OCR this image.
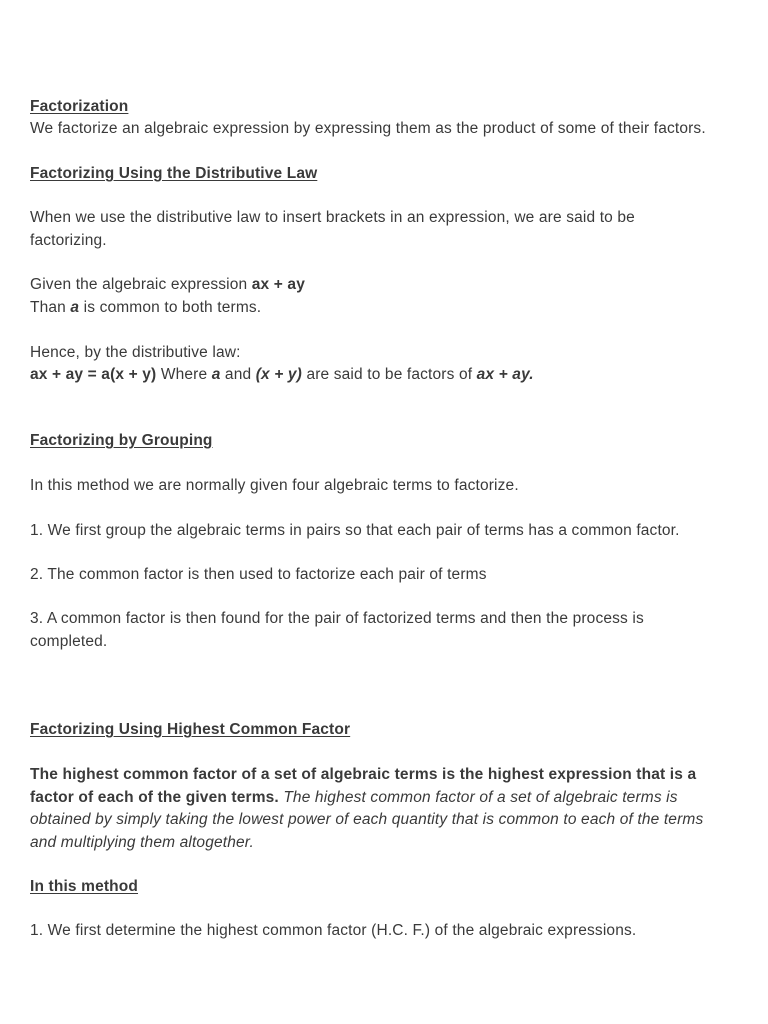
Factorization
We factorize an algebraic expression by expressing them as the product of some of their factors.
Factorizing Using the Distributive Law
When we use the distributive law to insert brackets in an expression, we are said to be
factorizing.
Given the algebraic expression ax + ay
Than a is common to both terms.
Hence, by the distributive law:
ax + ay = a(x + y) Where a and (x + y) are said to be factors of ax + ay.
Factorizing by Grouping
In this method we are normally given four algebraic terms to factorize.
1. We first group the algebraic terms in pairs so that each pair of terms has a common factor.
2. The common factor is then used to factorize each pair of terms
3. A common factor is then found for the pair of factorized terms and then the process is
completed.
Factorizing Using Highest Common Factor
The highest common factor of a set of algebraic terms is the highest expression that is a
factor of each of the given terms. The highest common factor of a set of algebraic terms is
obtained by simply taking the lowest power of each quantity that is common to each of the terms
and multiplying them altogether.
In this method
1. We first determine the highest common factor (H.C. F.) of the algebraic expressions.
